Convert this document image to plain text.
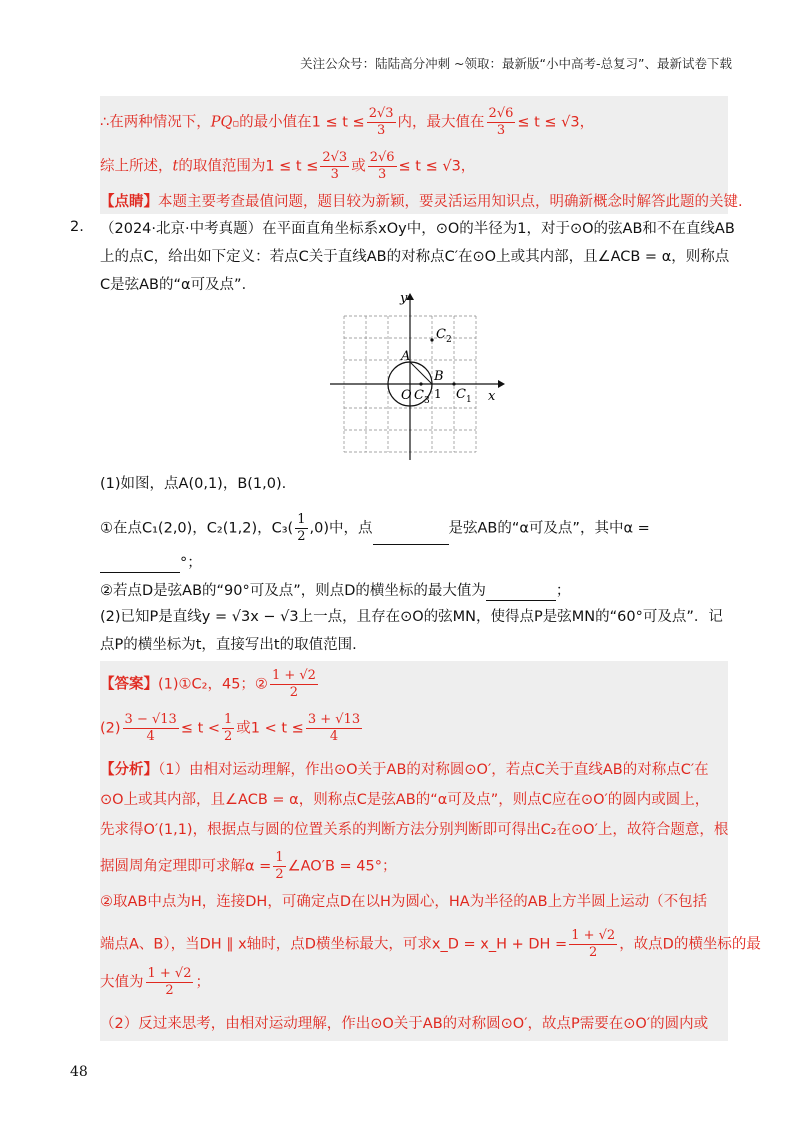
关注公众号：陆陆高分冲刺 ~领取：最新版“小中高考-总复习”、最新试卷下载
∴在两种情况下，PQ▫的最小值在$1 \le t \le \frac{2√3}{3}$ 内，最大值在 $\frac{2√6}{3} \le t \le √3$，
综上所述，t的取值范围为$1 \le t \le \frac{2√3}{3}$ 或 $\frac{2√6}{3} \le t \le √3$，
【点睛】本题主要考查最值问题，题目较为新颖，要灵活运用知识点，明确新概念时解答此题的关键.
2. （2024·北京·中考真题）在平面直角坐标系xOy中，⊙O的半径为1，对于⊙O的弦AB和不在直线AB
上的点C，给出如下定义：若点C关于直线AB的对称点C′在⊙O上或其内部，且∠ACB = α，则称点
C是弦AB的“α可及点”．
y
x
O
A
B
1
C 2
C 1
C 3
(1)如图，点A(0,1)，B(1,0).
①在点C₁(2,0)，C₂(1,2)，$C_3( \frac{1}{2} ,0)$中，点	是弦AB的“α可及点”，其中α =
°；
②若点D是弦AB的“90°可及点”，则点D的横坐标的最大值为	；
(2)已知P是直线y = √3x − √3上一点，且存在⊙O的弦MN，使得点P是弦MN的“60°可及点”．记
点P的横坐标为t，直接写出t的取值范围.
【答案】(1)①C₂，45；② $\frac{1 + √2}{2}$
$(2) \frac{3 - √13}{4} \le t < \frac{1}{2}$ 或$1 < t \le \frac{3 + √13}{4}$
【分析】（1）由相对运动理解，作出⊙O关于AB的对称圆⊙O′，若点C关于直线AB的对称点C′在
⊙O上或其内部，且∠ACB = α，则称点C是弦AB的“α可及点”，则点C应在⊙O′的圆内或圆上，
先求得O′(1,1)，根据点与圆的位置关系的判断方法分别判断即可得出C₂在⊙O′上，故符合题意，根
据圆周角定理即可求解$\alpha = \frac{1}{2}$ ∠AO′B = 45°；
②取AB中点为H，连接DH，可确定点D在以H为圆心，HA为半径的AB上方半圆上运动（不包括
端点A、B），当DH ∥ x轴时，点D横坐标最大，可求x_D = x_H + DH = $\frac{1 + √2}{2}$ ，故点D的横坐标的最
大值为 $\frac{1 + √2}{2}$ ；
（2）反过来思考，由相对运动理解，作出⊙O关于AB的对称圆⊙O′，故点P需要在⊙O′的圆内或
48
